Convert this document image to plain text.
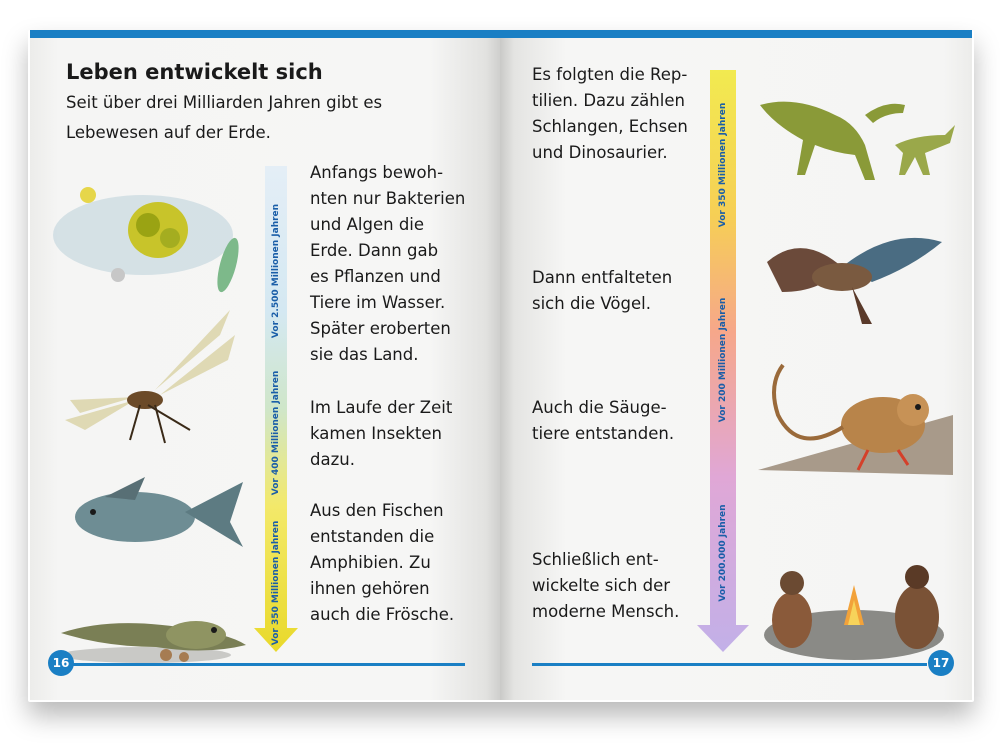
Leben entwickelt sich

Seit über drei Milliarden Jahren gibt es Lebewesen auf der Erde.

Vor 2.500 Millionen Jahren
Vor 400 Millionen Jahren
Vor 350 Millionen Jahren

Anfangs bewoh-
nten nur Bakterien
und Algen die
Erde. Dann gab
es Pflanzen und
Tiere im Wasser.
Später eroberten
sie das Land.

Im Laufe der Zeit
kamen Insekten
dazu.

Aus den Fischen
entstanden die
Amphibien. Zu
ihnen gehören
auch die Frösche.

16

Es folgten die Rep-
tilien. Dazu zählen
Schlangen, Echsen
und Dinosaurier.

Dann entfalteten
sich die Vögel.

Auch die Säuge-
tiere entstanden.

Schließlich ent-
wickelte sich der
moderne Mensch.

Vor 350 Millionen Jahren
Vor 200 Millionen Jahren
Vor 200.000 Jahren
17
